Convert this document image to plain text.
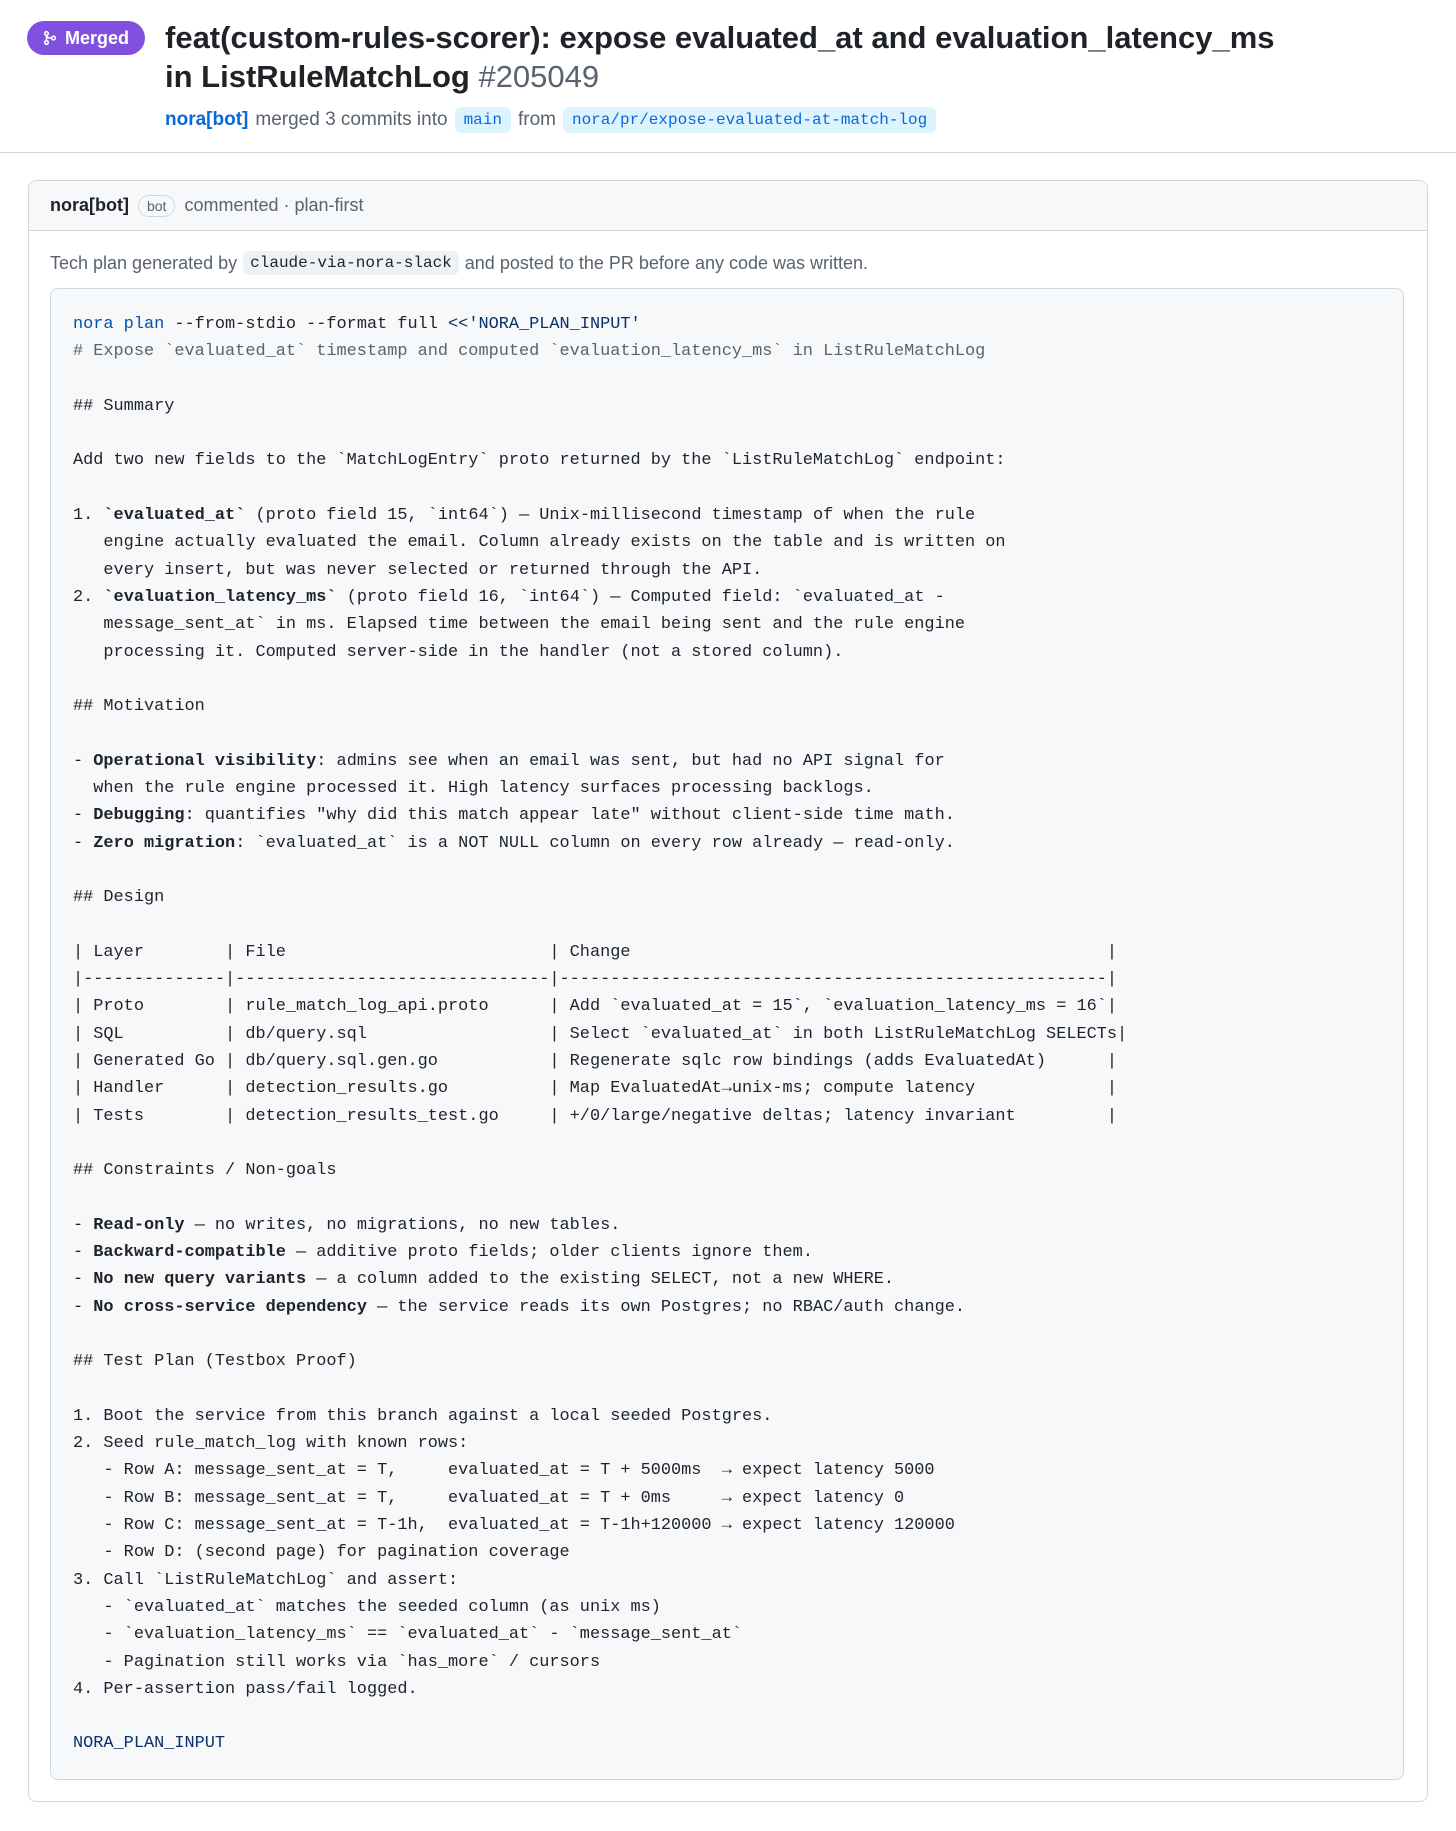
Merged feat(custom-rules-scorer): expose evaluated_at and evaluation_latency_ms in ListRuleMatchLog #205049
nora[bot] merged 3 commits into	main from	nora/pr/expose-evaluated-at-match-log
nora[bot]	bot	commented · plan-first
Tech plan generated by claude-via-nora-slack and posted to the PR before any code was written.
nora plan --from-stdio --format full <<'NORA_PLAN_INPUT'
# Expose `evaluated_at` timestamp and computed `evaluation_latency_ms` in ListRuleMatchLog
## Summary
Add two new fields to the `MatchLogEntry` proto returned by the `ListRuleMatchLog` endpoint:
1. `evaluated_at` (proto field 15, `int64`) — Unix-millisecond timestamp of when the rule
engine actually evaluated the email. Column already exists on the table and is written on
every insert, but was never selected or returned through the API.
2. `evaluation_latency_ms` (proto field 16, `int64`) — Computed field: `evaluated_at -
message_sent_at` in ms. Elapsed time between the email being sent and the rule engine
processing it. Computed server-side in the handler (not a stored column).
## Motivation
- Operational visibility: admins see when an email was sent, but had no API signal for
when the rule engine processed it. High latency surfaces processing backlogs.
- Debugging: quantifies "why did this match appear late" without client-side time math.
- Zero migration: `evaluated_at` is a NOT NULL column on every row already — read-only.
## Design
| Layer        | File                          | Change                                               |
|--------------|-------------------------------|------------------------------------------------------|
| Proto        | rule_match_log_api.proto      | Add `evaluated_at = 15`, `evaluation_latency_ms = 16`|
| SQL          | db/query.sql                  | Select `evaluated_at` in both ListRuleMatchLog SELECTs|
| Generated Go | db/query.sql.gen.go           | Regenerate sqlc row bindings (adds EvaluatedAt)      |
| Handler      | detection_results.go          | Map EvaluatedAt→unix-ms; compute latency             |
| Tests        | detection_results_test.go     | +/0/large/negative deltas; latency invariant         |
## Constraints / Non-goals
- Read-only — no writes, no migrations, no new tables.
- Backward-compatible — additive proto fields; older clients ignore them.
- No new query variants — a column added to the existing SELECT, not a new WHERE.
- No cross-service dependency — the service reads its own Postgres; no RBAC/auth change.
## Test Plan (Testbox Proof)
1. Boot the service from this branch against a local seeded Postgres.
2. Seed rule_match_log with known rows:
- Row A: message_sent_at = T,     evaluated_at = T + 5000ms  → expect latency 5000
- Row B: message_sent_at = T,     evaluated_at = T + 0ms     → expect latency 0
- Row C: message_sent_at = T-1h,  evaluated_at = T-1h+120000 → expect latency 120000
- Row D: (second page) for pagination coverage
3. Call `ListRuleMatchLog` and assert:
- `evaluated_at` matches the seeded column (as unix ms)
- `evaluation_latency_ms` == `evaluated_at` - `message_sent_at`
- Pagination still works via `has_more` / cursors
4. Per-assertion pass/fail logged.
NORA_PLAN_INPUT
